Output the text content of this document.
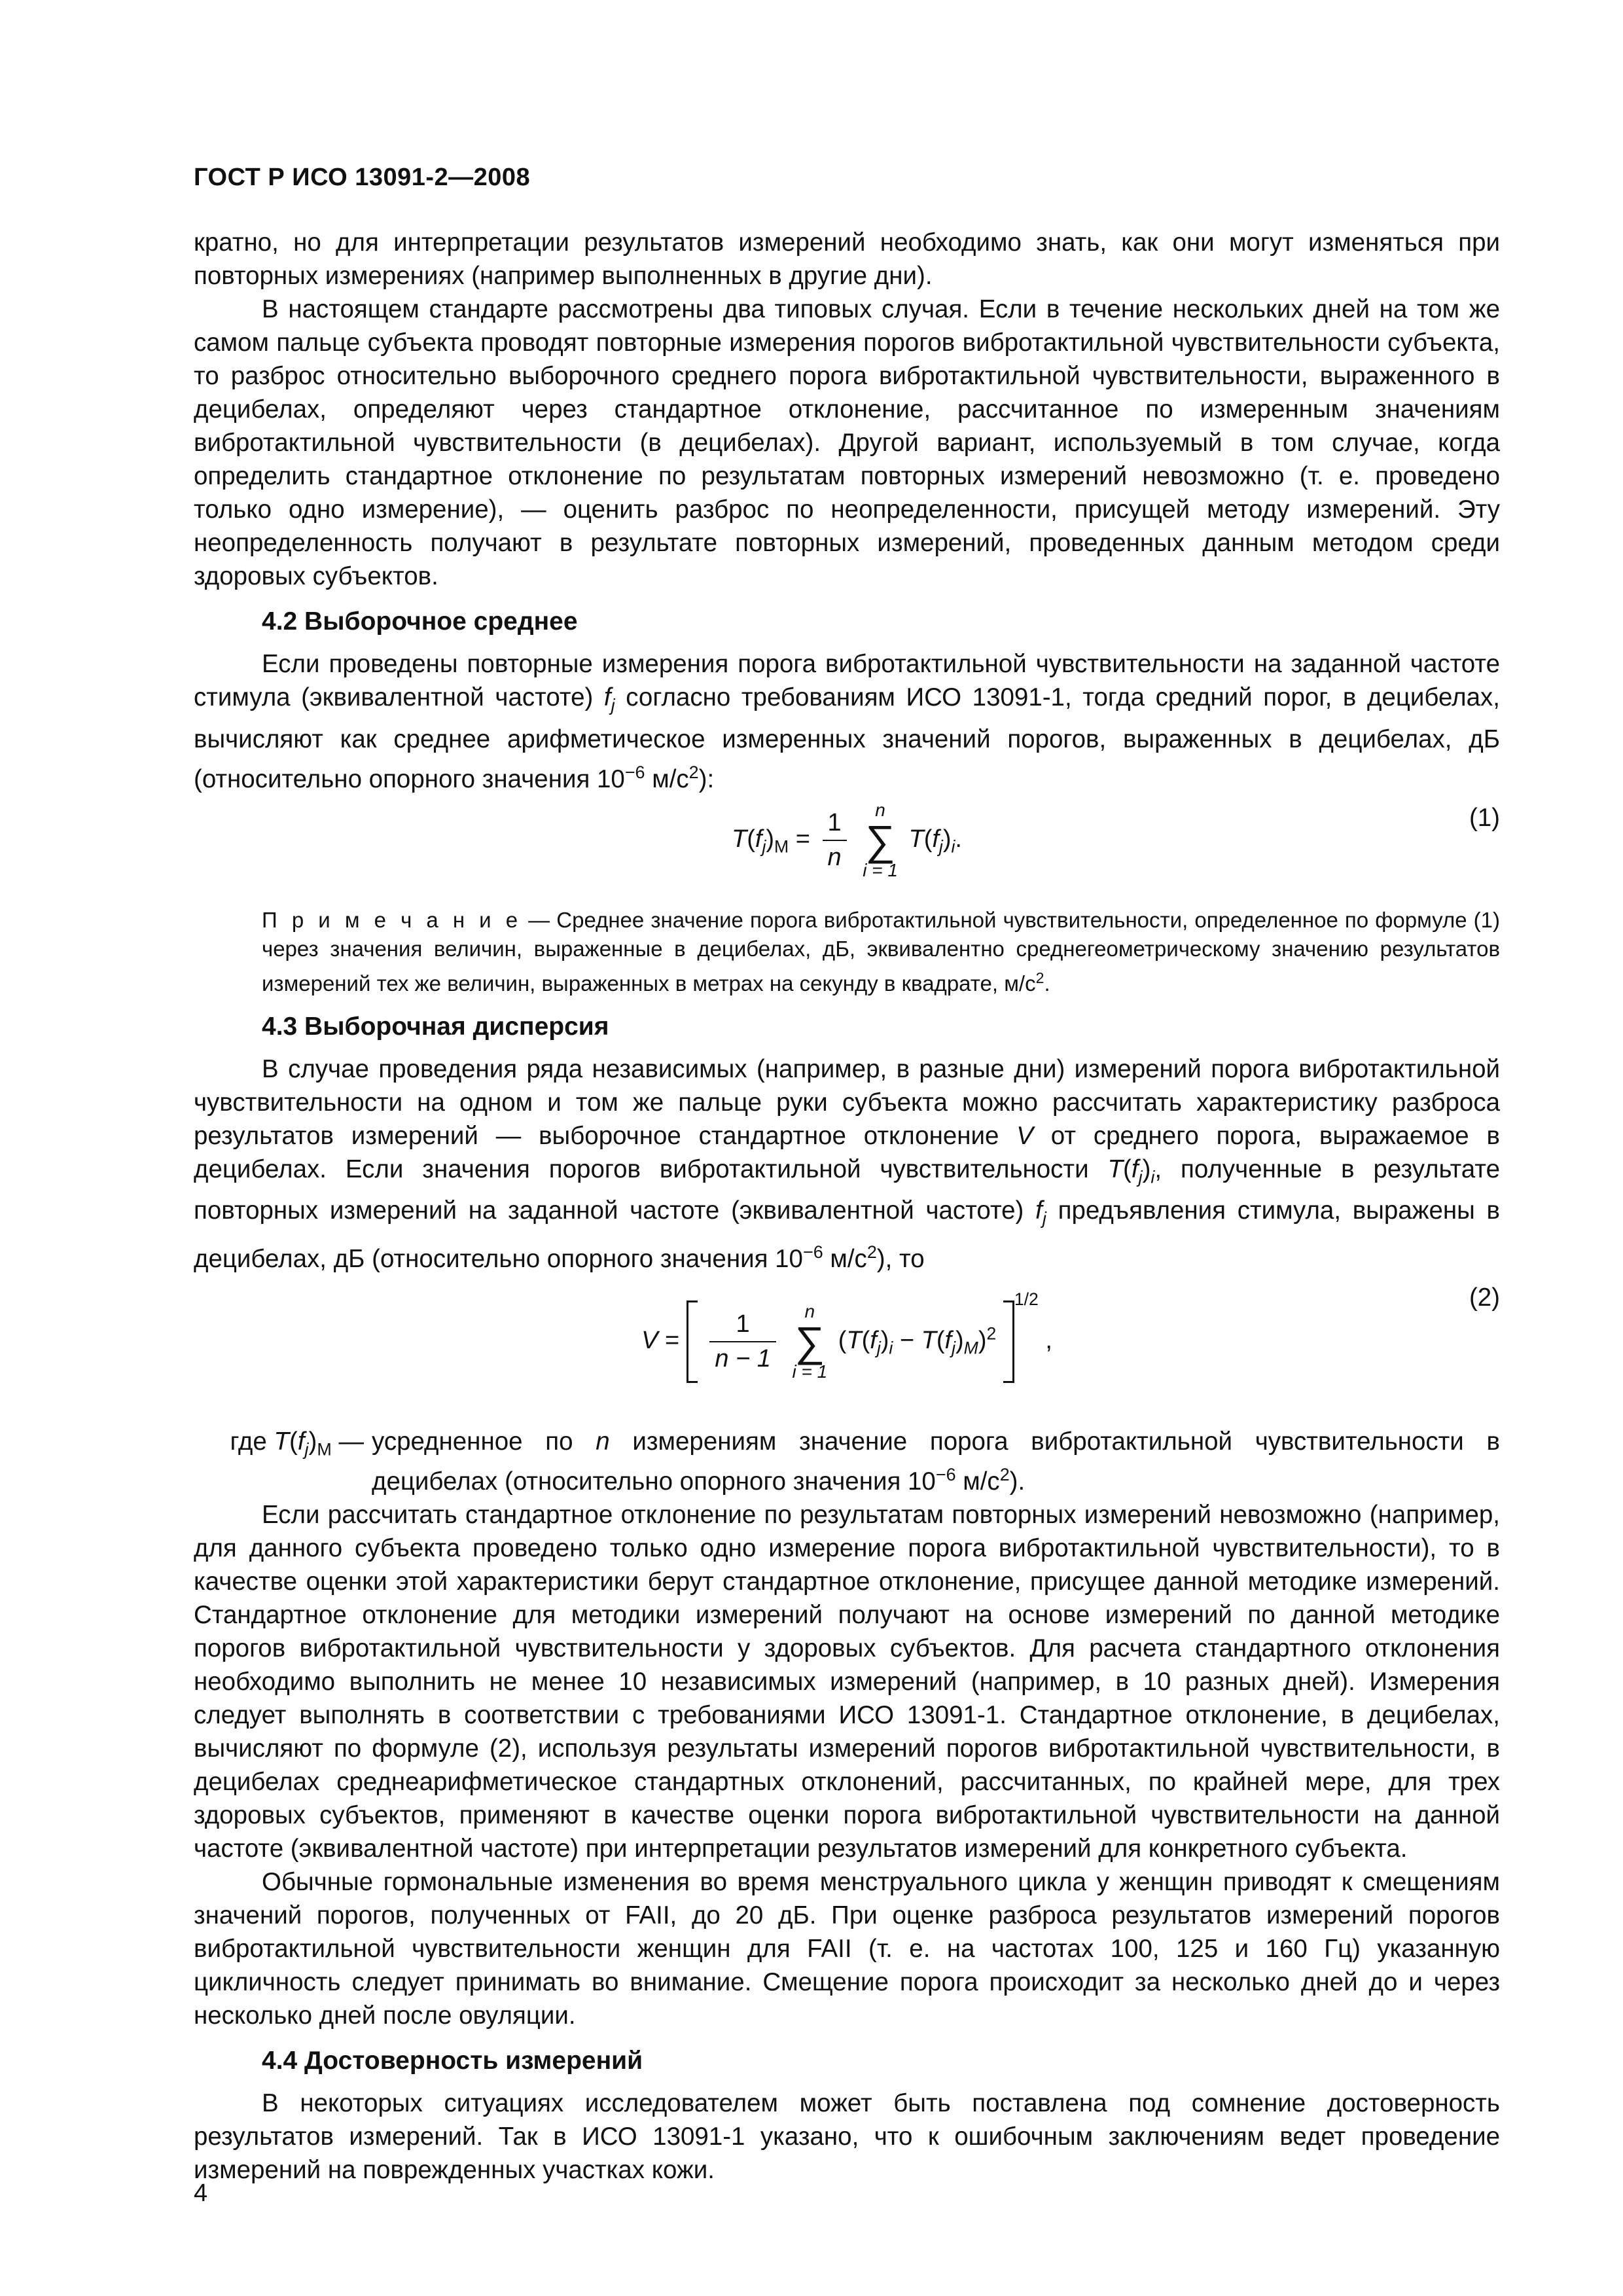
ГОСТ Р ИСО 13091-2—2008

кратно, но для интерпретации результатов измерений необходимо знать, как они могут изменяться при повторных измерениях (например выполненных в другие дни).

В настоящем стандарте рассмотрены два типовых случая. Если в течение нескольких дней на том же самом пальце субъекта проводят повторные измерения порогов вибротактильной чувствительности субъекта, то разброс относительно выборочного среднего порога вибротактильной чувствительности, выраженного в децибелах, определяют через стандартное отклонение, рассчитанное по измеренным значениям вибротактильной чувствительности (в децибелах). Другой вариант, используемый в том случае, когда определить стандартное отклонение по результатам повторных измерений невозможно (т. е. проведено только одно измерение), — оценить разброс по неопределенности, присущей методу измерений. Эту неопределенность получают в результате повторных измерений, проведенных данным методом среди здоровых субъектов.

4.2 Выборочное среднее

Если проведены повторные измерения порога вибротактильной чувствительности на заданной частоте стимула (эквивалентной частоте) $f_j$ согласно требованиям ИСО 13091-1, тогда средний порог, в децибелах, вычисляют как среднее арифметическое измеренных значений порогов, выраженных в децибелах, дБ (относительно опорного значения $10^{-6}$ $м/с^2$):

$T(f_j)_М = \frac{1}{n}$
	n
∑
i = 1
$T(f_j)_i$.
(1)
П р и м е ч а н и е — Среднее значение порога вибротактильной чувствительности, определенное по формуле (1) через значения величин, выраженные в децибелах, дБ, эквивалентно среднегеометрическому значению результатов измерений тех же величин, выраженных в метрах на секунду в квадрате, $м/с^2$.
4.3 Выборочная дисперсия

В случае проведения ряда независимых (например, в разные дни) измерений порога вибротактильной чувствительности на одном и том же пальце руки субъекта можно рассчитать характеристику разброса результатов измерений — выборочное стандартное отклонение V от среднего порога, выражаемое в децибелах. Если значения порогов вибротактильной чувствительности $T(f_j)_i$, полученные в результате повторных измерений на заданной частоте (эквивалентной частоте) $f_j$ предъявления стимула, выражены в децибелах, дБ (относительно опорного значения $10^{-6}$ $м/с^2$), то

$V = \frac{1}{n - 1}$
	n
∑
i = 1
$(T(f_j)_i - T(f_j)_M)^2$ $^{1/2}$ ,
(2)
где $T(f_j)_М$ — усредненное по n измерениям значение порога вибротактильной чувствительности в децибелах (относительно опорного значения $10^{-6}$ $м/с^2$).

Если рассчитать стандартное отклонение по результатам повторных измерений невозможно (например, для данного субъекта проведено только одно измерение порога вибротактильной чувствительности), то в качестве оценки этой характеристики берут стандартное отклонение, присущее данной методике измерений. Стандартное отклонение для методики измерений получают на основе измерений по данной методике порогов вибротактильной чувствительности у здоровых субъектов. Для расчета стандартного отклонения необходимо выполнить не менее 10 независимых измерений (например, в 10 разных дней). Измерения следует выполнять в соответствии с требованиями ИСО 13091-1. Стандартное отклонение, в децибелах, вычисляют по формуле (2), используя результаты измерений порогов вибротактильной чувствительности, в децибелах среднеарифметическое стандартных отклонений, рассчитанных, по крайней мере, для трех здоровых субъектов, применяют в качестве оценки порога вибротактильной чувствительности на данной частоте (эквивалентной частоте) при интерпретации результатов измерений для конкретного субъекта.

Обычные гормональные изменения во время менструального цикла у женщин приводят к смещениям значений порогов, полученных от FAII, до 20 дБ. При оценке разброса результатов измерений порогов вибротактильной чувствительности женщин для FAII (т. е. на частотах 100, 125 и 160 Гц) указанную цикличность следует принимать во внимание. Смещение порога происходит за несколько дней до и через несколько дней после овуляции.

4.4 Достоверность измерений

В некоторых ситуациях исследователем может быть поставлена под сомнение достоверность результатов измерений. Так в ИСО 13091-1 указано, что к ошибочным заключениям ведет проведение измерений на поврежденных участках кожи.

4
